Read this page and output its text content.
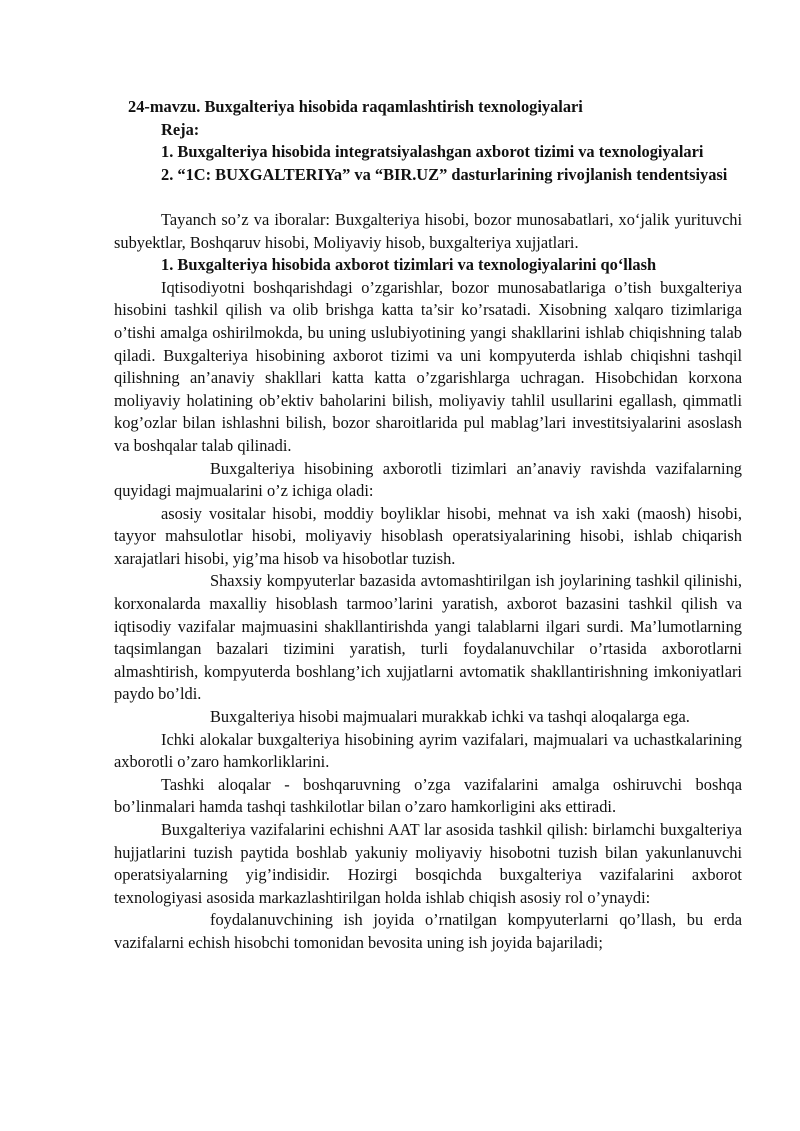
24-mavzu. Buxgalteriya hisobida raqamlashtirish texnologiyalari

Reja:

1. Buxgalteriya hisobida integratsiyalashgan axborot tizimi va texnologiyalari

2. “1C: BUXGALTERIYa” va “BIR.UZ” dasturlarining rivojlanish tendentsiyasi

Tayanch so’z va iboralar: Buxgalteriya hisobi, bozor munosabatlari, xo‘jalik yurituvchi subyektlar, Boshqaruv hisobi, Moliyaviy hisob, buxgalteriya xujjatlari.

1. Buxgalteriya hisobida axborot tizimlari va texnologiyalarini qo‘llash

Iqtisodiyotni boshqarishdagi o’zgarishlar, bozor munosabatlariga o’tish buxgalteriya hisobini tashkil qilish va olib brishga katta ta’sir ko’rsatadi. Xisobning xalqaro tizimlariga o’tishi amalga oshirilmokda, bu uning uslubiyotining yangi shakllarini ishlab chiqishning talab qiladi. Buxgalteriya hisobining axborot tizimi va uni kompyuterda ishlab chiqishni tashqil qilishning an’anaviy shakllari katta katta o’zgarishlarga uchragan. Hisobchidan korxona moliyaviy holatining ob’ektiv baholarini bilish, moliyaviy tahlil usullarini egallash, qimmatli kog’ozlar bilan ishlashni bilish, bozor sharoitlarida pul mablag’lari investitsiyalarini asoslash va boshqalar talab qilinadi.

Buxgalteriya hisobining axborotli tizimlari an’anaviy ravishda vazifalarning quyidagi majmualarini o’z ichiga oladi:

asosiy vositalar hisobi, moddiy boyliklar hisobi, mehnat va ish xaki (maosh) hisobi, tayyor mahsulotlar hisobi, moliyaviy hisoblash operatsiyalarining hisobi, ishlab chiqarish xarajatlari hisobi, yig’ma hisob va hisobotlar tuzish.

Shaxsiy kompyuterlar bazasida avtomashtirilgan ish joylarining tashkil qilinishi, korxonalarda maxalliy hisoblash tarmoo’larini yaratish, axborot bazasini tashkil qilish va iqtisodiy vazifalar majmuasini shakllantirishda yangi talablarni ilgari surdi. Ma’lumotlarning taqsimlangan bazalari tizimini yaratish, turli foydalanuvchilar o’rtasida axborotlarni almashtirish, kompyuterda boshlang’ich xujjatlarni avtomatik shakllantirishning imkoniyatlari paydo bo’ldi.

Buxgalteriya hisobi majmualari murakkab ichki va tashqi aloqalarga ega.

Ichki alokalar buxgalteriya hisobining ayrim vazifalari, majmualari va uchastkalarining axborotli o’zaro hamkorliklarini.

Tashki aloqalar - boshqaruvning o’zga vazifalarini amalga oshiruvchi boshqa bo’linmalari hamda tashqi tashkilotlar bilan o’zaro hamkorligini aks ettiradi.

Buxgalteriya vazifalarini echishni AAT lar asosida tashkil qilish: birlamchi buxgalteriya hujjatlarini tuzish paytida boshlab yakuniy moliyaviy hisobotni tuzish bilan yakunlanuvchi operatsiyalarning yig’indisidir. Hozirgi bosqichda buxgalteriya vazifalarini axborot texnologiyasi asosida markazlashtirilgan holda ishlab chiqish asosiy rol o’ynaydi:

foydalanuvchining ish joyida o’rnatilgan kompyuterlarni qo’llash, bu erda vazifalarni echish hisobchi tomonidan bevosita uning ish joyida bajariladi;
